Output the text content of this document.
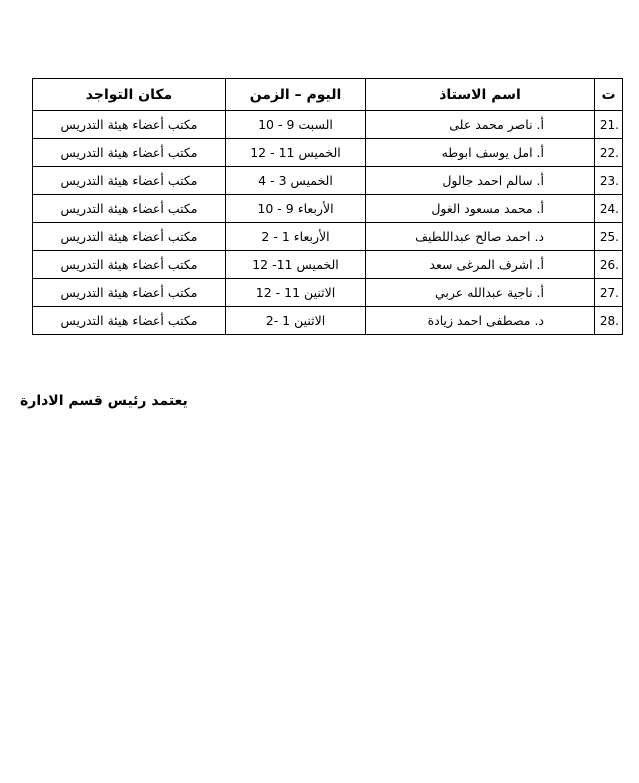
ت	اسم الاستاذ	اليوم – الزمن	مكان التواجد
21.	أ. ناصر محمد على	السبت 9 - 10	مكتب أعضاء هيئة التدريس
22.	أ. امل يوسف ابوطه	الخميس 11 - 12	مكتب أعضاء هيئة التدريس
23.	أ. سالم احمد جالول	الخميس 3 - 4	مكتب أعضاء هيئة التدريس
24.	أ. محمد مسعود الغول	الأربعاء 9 - 10	مكتب أعضاء هيئة التدريس
25.	د. احمد صالح عبداللطيف	الأربعاء 1 - 2	مكتب أعضاء هيئة التدريس
26.	أ. اشرف المرغى سعد	الخميس 11- 12	مكتب أعضاء هيئة التدريس
27.	أ. ناجية عبدالله عربي	الاثنين 11 - 12	مكتب أعضاء هيئة التدريس
28.	د. مصطفى احمد زيادة	الاثنين 1 -2	مكتب أعضاء هيئة التدريس
يعتمد رئيس قسم الادارة
